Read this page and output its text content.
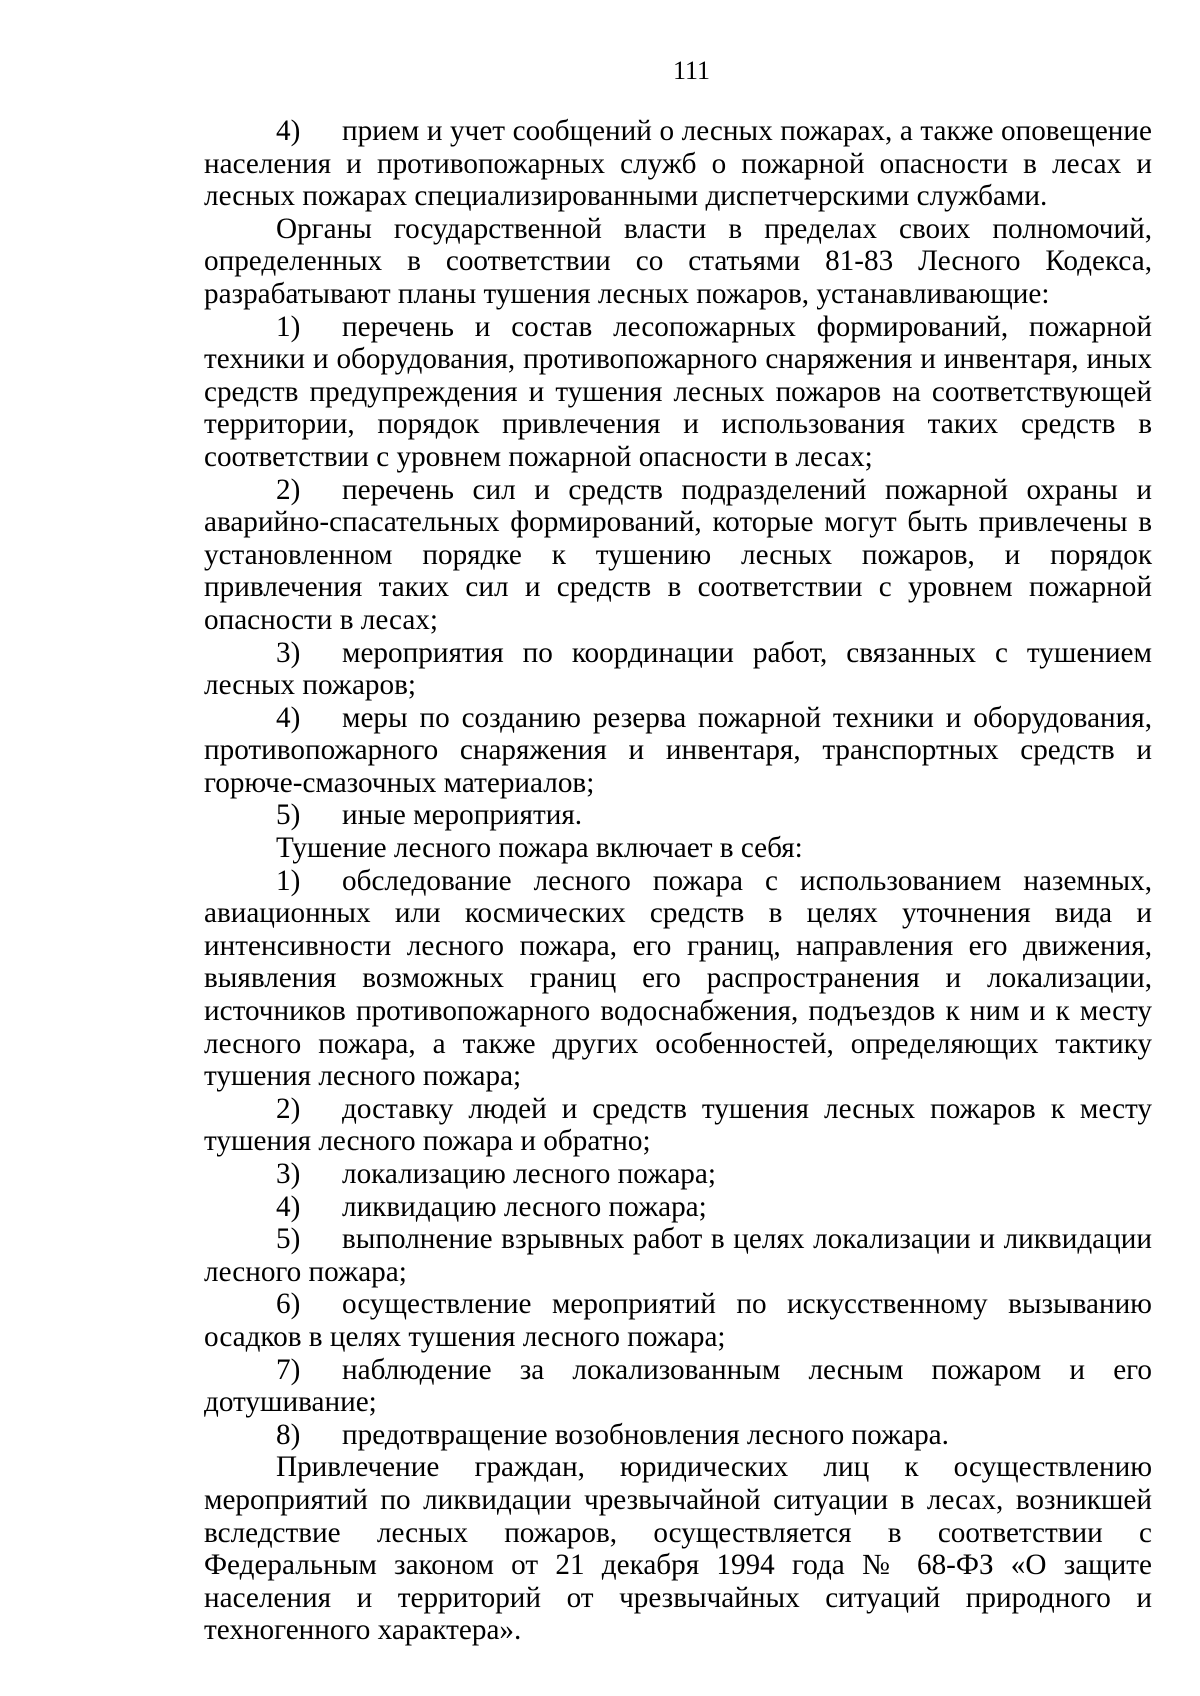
111

4) прием и учет сообщений о лесных пожарах, а также оповещение населения и противопожарных служб о пожарной опасности в лесах и лесных пожарах специализированными диспетчерскими службами.

Органы государственной власти в пределах своих полномочий, определенных в соответствии со статьями 81-83 Лесного Кодекса, разрабатывают планы тушения лесных пожаров, устанавливающие:

1) перечень и состав лесопожарных формирований, пожарной техники и оборудования, противопожарного снаряжения и инвентаря, иных средств предупреждения и тушения лесных пожаров на соответствующей территории, порядок привлечения и использования таких средств в соответствии с уровнем пожарной опасности в лесах;

2) перечень сил и средств подразделений пожарной охраны и аварийно-спасательных формирований, которые могут быть привлечены в установленном порядке к тушению лесных пожаров, и порядок привлечения таких сил и средств в соответствии с уровнем пожарной опасности в лесах;

3) мероприятия по координации работ, связанных с тушением лесных пожаров;

4) меры по созданию резерва пожарной техники и оборудования, противопожарного снаряжения и инвентаря, транспортных средств и горюче-смазочных материалов;

5) иные мероприятия.

Тушение лесного пожара включает в себя:

1) обследование лесного пожара с использованием наземных, авиационных или космических средств в целях уточнения вида и интенсивности лесного пожара, его границ, направления его движения, выявления возможных границ его распространения и локализации, источников противопожарного водоснабжения, подъездов к ним и к месту лесного пожара, а также других особенностей, определяющих тактику тушения лесного пожара;

2) доставку людей и средств тушения лесных пожаров к месту тушения лесного пожара и обратно;

3) локализацию лесного пожара;

4) ликвидацию лесного пожара;

5) выполнение взрывных работ в целях локализации и ликвидации лесного пожара;

6) осуществление мероприятий по искусственному вызыванию осадков в целях тушения лесного пожара;

7) наблюдение за локализованным лесным пожаром и его дотушивание;

8) предотвращение возобновления лесного пожара.

Привлечение граждан, юридических лиц к осуществлению мероприятий по ликвидации чрезвычайной ситуации в лесах, возникшей вследствие лесных пожаров, осуществляется в соответствии с Федеральным законом от 21 декабря 1994 года № 68-ФЗ «О защите населения и территорий от чрезвычайных ситуаций природного и техногенного характера».
